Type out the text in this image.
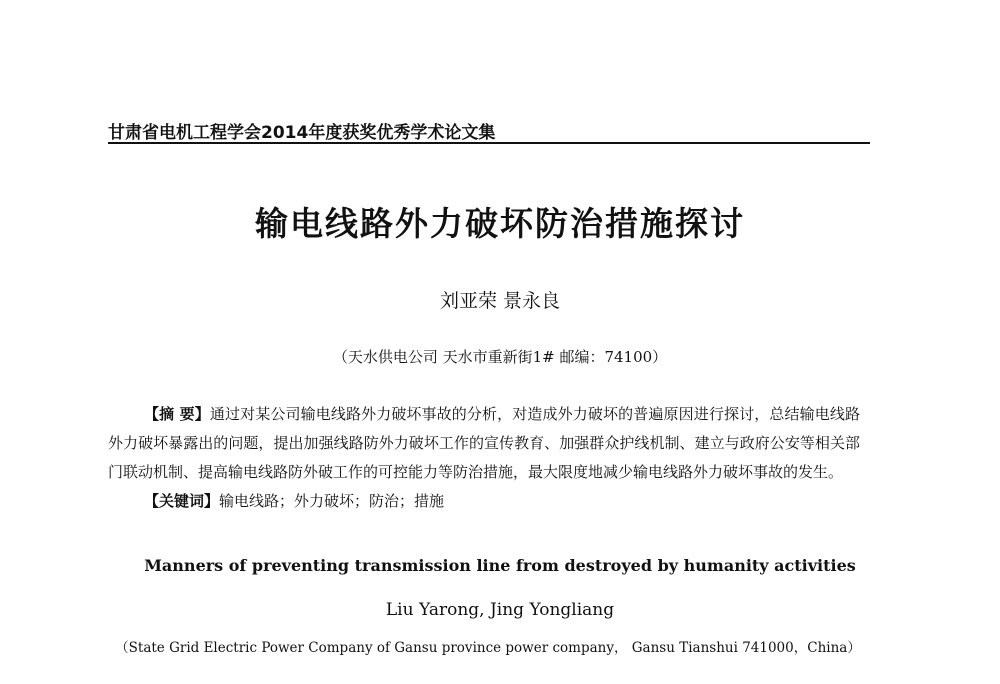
甘肃省电机工程学会2014年度获奖优秀学术论文集
输电线路外力破坏防治措施探讨
刘亚荣 景永良
（天水供电公司 天水市重新街1# 邮编：74100）

【摘 要】通过对某公司输电线路外力破坏事故的分析，对造成外力破坏的普遍原因进行探讨，总结输电线路外力破坏暴露出的问题，提出加强线路防外力破坏工作的宣传教育、加强群众护线机制、建立与政府公安等相关部门联动机制、提高输电线路防外破工作的可控能力等防治措施，最大限度地减少输电线路外力破坏事故的发生。

【关键词】输电线路；外力破坏；防治；措施
Manners of preventing transmission line from destroyed by humanity activities
Liu Yarong, Jing Yongliang
（State Grid Electric Power Company of Gansu province power company， Gansu Tianshui 741000，China）
